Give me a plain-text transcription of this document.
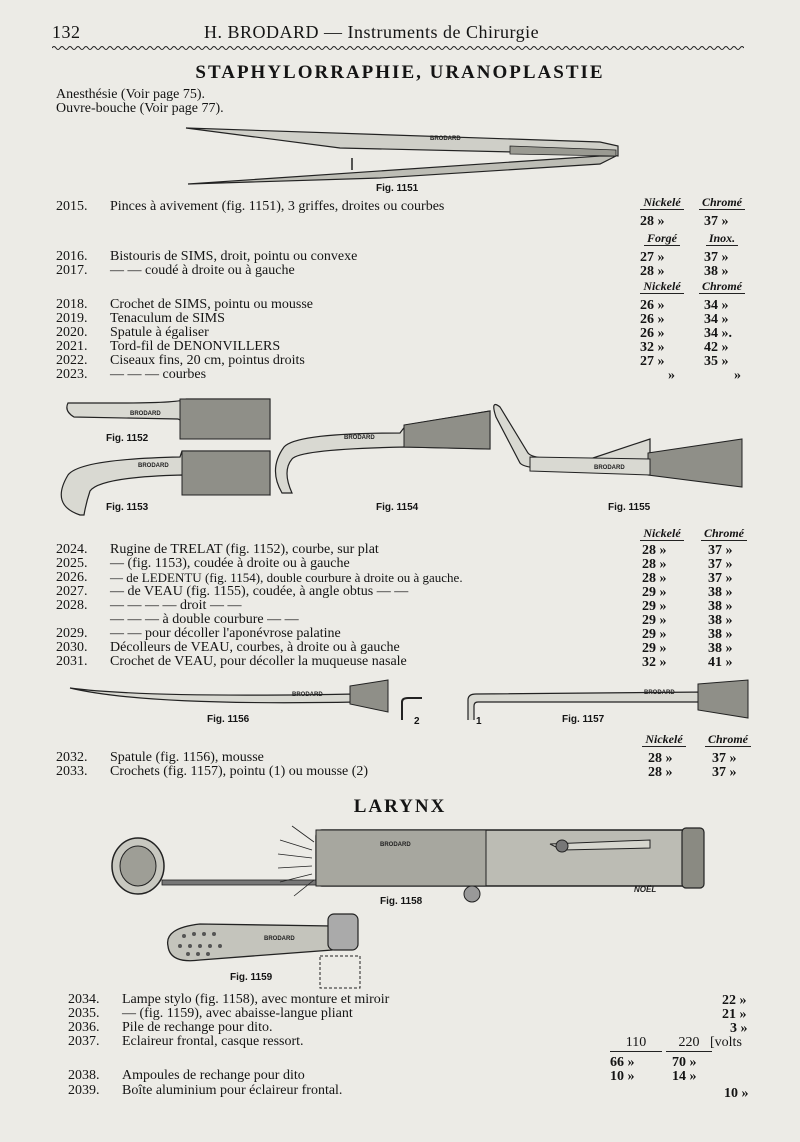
132	H. BRODARD — Instruments de Chirurgie
STAPHYLORRAPHIE, URANOPLASTIE
Anesthésie (Voir page 75).
Ouvre-bouche (Voir page 77).
BRODARD
Fig. 1151
Nickelé	Chromé
2015.	Pinces à avivement (fig. 1151), 3 griffes, droites ou courbes
28 »	37 »
Forgé	Inox.
2016.	Bistouris de SIMS, droit, pointu ou convexe	27 »	37 »
2017.	— — coudé à droite ou à gauche	28 »	38 »
Nickelé	Chromé
2018.	Crochet de SIMS, pointu ou mousse	26 »	34 »
2019.	Tenaculum de SIMS	26 »	34 »
2020.	Spatule à égaliser	26 »	34 ».
2021.	Tord-fil de DENONVILLERS	32 »	42 »
2022.	Ciseaux fins, 20 cm, pointus droits	27 »	35 »
2023.	— — — courbes	»	»
BRODARD
BRODARD
BRODARD
BRODARD
Fig. 1152
Fig. 1153	Fig. 1154	Fig. 1155
Nickelé	Chromé
2024.	Rugine de TRELAT (fig. 1152), courbe, sur plat	28 »	37 »
2025.	— (fig. 1153), coudée à droite ou à gauche	28 »	37 »
2026.	— de LEDENTU (fig. 1154), double courbure à droite ou à gauche.	28 »	37 »
2027.	— de VEAU (fig. 1155), coudée, à angle obtus — —	29 »	38 »
2028.	— — — — droit — —	29 »	38 »
— — — à double courbure — —	29 »	38 »
2029.	— — pour décoller l'aponévrose palatine	29 »	38 »
2030.	Décolleurs de VEAU, courbes, à droite ou à gauche	29 »	38 »
2031.	Crochet de VEAU, pour décoller la muqueuse nasale	32 »	41 »
BRODARD	BRODARD
2	1
Fig. 1156	Fig. 1157
Nickelé	Chromé
2032.	Spatule (fig. 1156), mousse	28 »	37 »
2033.	Crochets (fig. 1157), pointu (1) ou mousse (2)	28 »	37 »
LARYNX
BRODARD
NOËL
Fig. 1158
BRODARD
Fig. 1159
2034.	Lampe stylo (fig. 1158), avec monture et miroir	22 »
2035.	— (fig. 1159), avec abaisse-langue pliant	21 »
2036.	Pile de rechange pour dito.	3 »
2037.	Eclaireur frontal, casque ressort.	110	220 [volts
66 »	70 »
2038.	Ampoules de rechange pour dito	10 »	14 »
2039.	Boîte aluminium pour éclaireur frontal.	10 »
